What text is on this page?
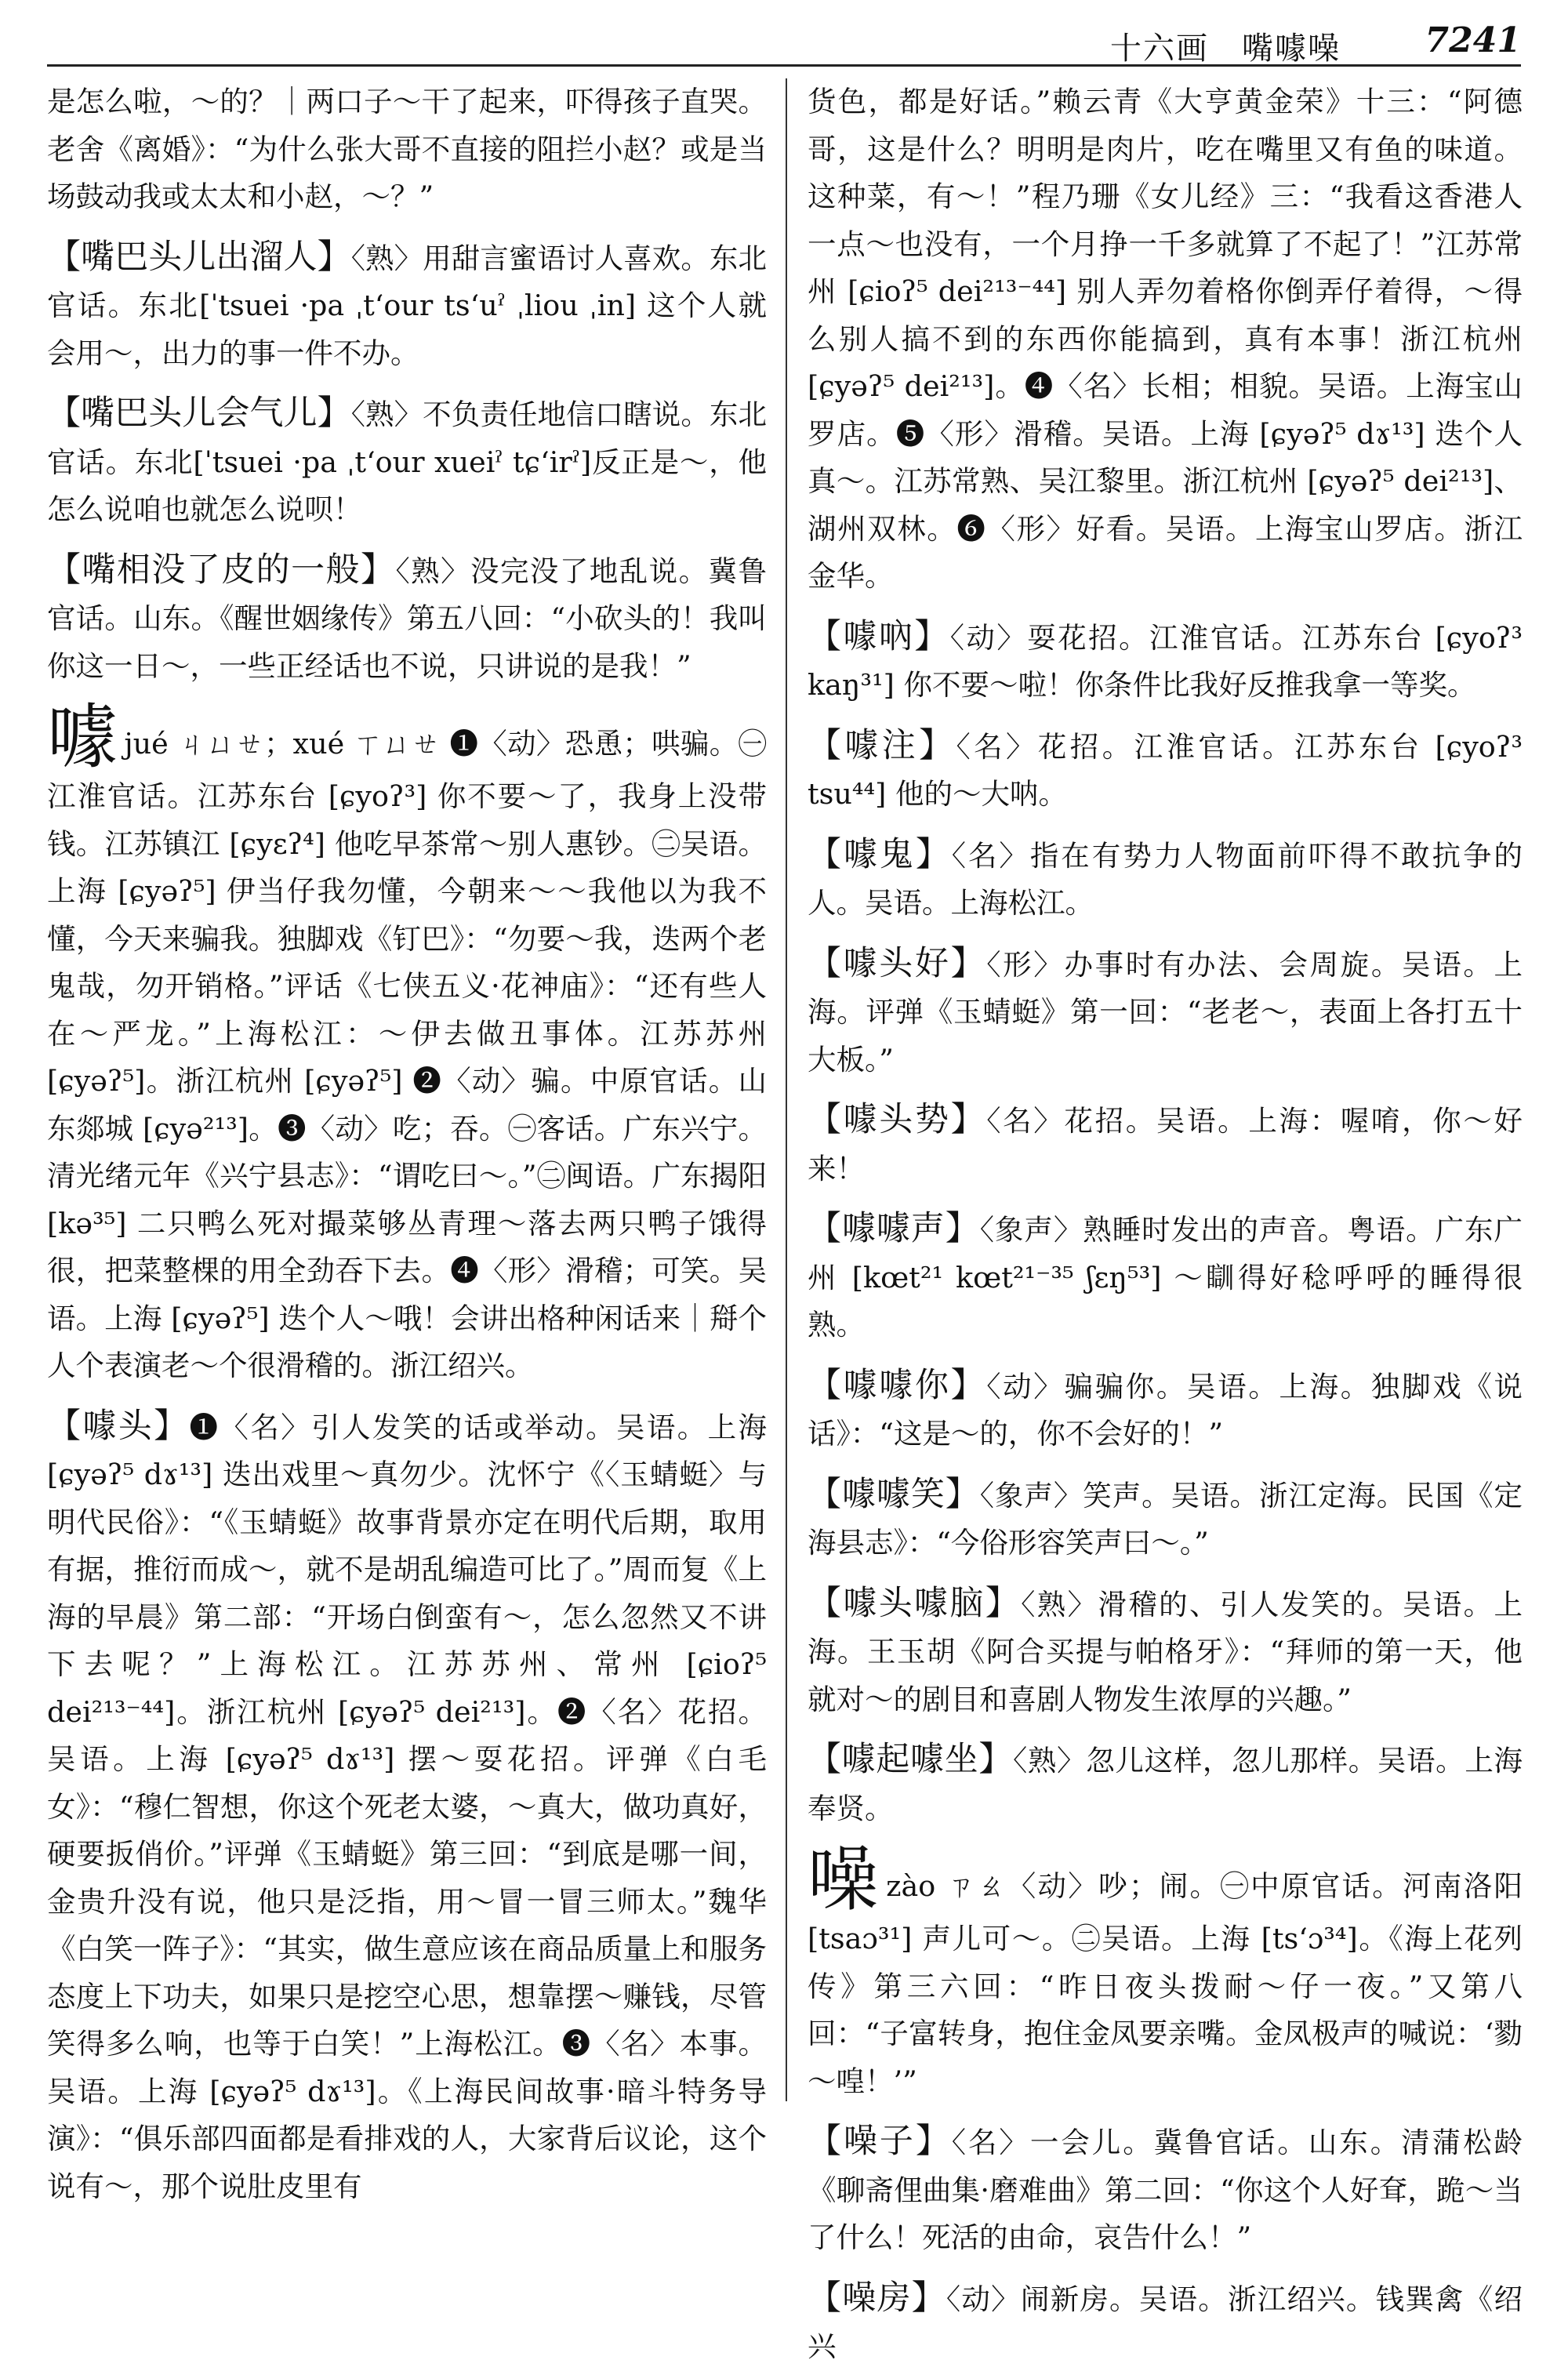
十六画　嘴噱噪 7241

是怎么啦，～的？｜两口子～干了起来，吓得孩子直哭。老舍《离婚》：“为什么张大哥不直接的阻拦小赵？或是当场鼓动我或太太和小赵，～？”

【嘴巴头儿出溜人】〈熟〉用甜言蜜语讨人喜欢。东北官话。东北[ˈtsuei ·pa ˌtʻour tsʻuˀ ˌliou ˌin] 这个人就会用～，出力的事一件不办。

【嘴巴头儿会气儿】〈熟〉不负责任地信口瞎说。东北官话。东北[ˈtsuei ·pa ˌtʻour xueiˀ tɕʻirˀ]反正是～，他怎么说咱也就怎么说呗！

【嘴相没了皮的一般】〈熟〉没完没了地乱说。冀鲁官话。山东。《醒世姻缘传》第五八回：“小砍头的！我叫你这一日～，一些正经话也不说，只讲说的是我！”

噱jué ㄐㄩㄝ；xué ㄒㄩㄝ ❶〈动〉恐恿；哄骗。㊀江淮官话。江苏东台 [ɕyoʔ³] 你不要～了，我身上没带钱。江苏镇江 [ɕyɛʔ⁴] 他吃早茶常～别人惠钞。㊁吴语。上海 [ɕyəʔ⁵] 伊当仔我勿懂，今朝来～～我他以为我不懂，今天来骗我。独脚戏《钉巴》：“勿要～我，迭两个老鬼哉，勿开销格。”评话《七侠五义·花神庙》：“还有些人在～严龙。”上海松江：～伊去做丑事体。江苏苏州 [ɕyəʔ⁵]。浙江杭州 [ɕyəʔ⁵] ❷〈动〉骗。中原官话。山东郯城 [ɕyə²¹³]。❸〈动〉吃；吞。㊀客话。广东兴宁。清光绪元年《兴宁县志》：“谓吃曰～。”㊁闽语。广东揭阳 [kə³⁵] 二只鸭么死对撮菜够丛青理～落去两只鸭子饿得很，把菜整棵的用全劲吞下去。❹〈形〉滑稽；可笑。吴语。上海 [ɕyəʔ⁵] 迭个人～哦！会讲出格种闲话来｜搿个人个表演老～个很滑稽的。浙江绍兴。

【噱头】❶〈名〉引人发笑的话或举动。吴语。上海 [ɕyəʔ⁵ dɤ¹³] 迭出戏里～真勿少。沈怀宁《〈玉蜻蜓〉与明代民俗》：“《玉蜻蜓》故事背景亦定在明代后期，取用有据，推衍而成～，就不是胡乱编造可比了。”周而复《上海的早晨》第二部：“开场白倒蛮有～，怎么忽然又不讲下去呢？”上海松江。江苏苏州、常州 [ɕioʔ⁵ dei²¹³⁻⁴⁴]。浙江杭州 [ɕyəʔ⁵ dei²¹³]。❷〈名〉花招。吴语。上海 [ɕyəʔ⁵ dɤ¹³] 摆～耍花招。评弹《白毛女》：“穆仁智想，你这个死老太婆，～真大，做功真好，硬要扳俏价。”评弹《玉蜻蜓》第三回：“到底是哪一间，金贵升没有说，他只是泛指，用～冒一冒三师太。”魏华《白笑一阵子》：“其实，做生意应该在商品质量上和服务态度上下功夫，如果只是挖空心思，想靠摆～赚钱，尽管笑得多么响，也等于白笑！”上海松江。❸〈名〉本事。吴语。上海 [ɕyəʔ⁵ dɤ¹³]。《上海民间故事·暗斗特务导演》：“俱乐部四面都是看排戏的人，大家背后议论，这个说有～，那个说肚皮里有

货色，都是好话。”赖云青《大亨黄金荣》十三：“阿德哥，这是什么？明明是肉片，吃在嘴里又有鱼的味道。这种菜，有～！”程乃珊《女儿经》三：“我看这香港人一点～也没有，一个月挣一千多就算了不起了！”江苏常州 [ɕioʔ⁵ dei²¹³⁻⁴⁴] 别人弄勿着格你倒弄仔着得，～得么别人搞不到的东西你能搞到，真有本事！浙江杭州 [ɕyəʔ⁵ dei²¹³]。❹〈名〉长相；相貌。吴语。上海宝山罗店。❺〈形〉滑稽。吴语。上海 [ɕyəʔ⁵ dɤ¹³] 迭个人真～。江苏常熟、吴江黎里。浙江杭州 [ɕyəʔ⁵ dei²¹³]、湖州双林。❻〈形〉好看。吴语。上海宝山罗店。浙江金华。

【噱吶】〈动〉耍花招。江淮官话。江苏东台 [ɕyoʔ³ kaŋ³¹] 你不要～啦！你条件比我好反推我拿一等奖。

【噱注】〈名〉花招。江淮官话。江苏东台 [ɕyoʔ³ tsu⁴⁴] 他的～大呐。

【噱鬼】〈名〉指在有势力人物面前吓得不敢抗争的人。吴语。上海松江。

【噱头好】〈形〉办事时有办法、会周旋。吴语。上海。评弹《玉蜻蜓》第一回：“老老～，表面上各打五十大板。”

【噱头势】〈名〉花招。吴语。上海：喔唷，你～好来！

【噱噱声】〈象声〉熟睡时发出的声音。粤语。广东广州 [kœt²¹ kœt²¹⁻³⁵ ʃɛŋ⁵³] ～瞓得好稔呼呼的睡得很熟。

【噱噱你】〈动〉骗骗你。吴语。上海。独脚戏《说话》：“这是～的，你不会好的！”

【噱噱笑】〈象声〉笑声。吴语。浙江定海。民国《定海县志》：“今俗形容笑声曰～。”

【噱头噱脑】〈熟〉滑稽的、引人发笑的。吴语。上海。王玉胡《阿合买提与帕格牙》：“拜师的第一天，他就对～的剧目和喜剧人物发生浓厚的兴趣。”

【噱起噱坐】〈熟〉忽儿这样，忽儿那样。吴语。上海奉贤。

噪zào ㄗㄠ〈动〉吵；闹。㊀中原官话。河南洛阳 [tsaɔ³¹] 声儿可～。㊁吴语。上海 [tsʻɔ³⁴]。《海上花列传》第三六回：“昨日夜头拨耐～仔一夜。”又第八回：“子富转身，抱住金凤要亲嘴。金凤极声的喊说：‘勠～喤！’”

【噪子】〈名〉一会儿。冀鲁官话。山东。清蒲松龄《聊斋俚曲集·磨难曲》第二回：“你这个人好耷，跪～当了什么！死活的由命，哀告什么！”

【噪房】〈动〉闹新房。吴语。浙江绍兴。钱巽禽《绍兴
